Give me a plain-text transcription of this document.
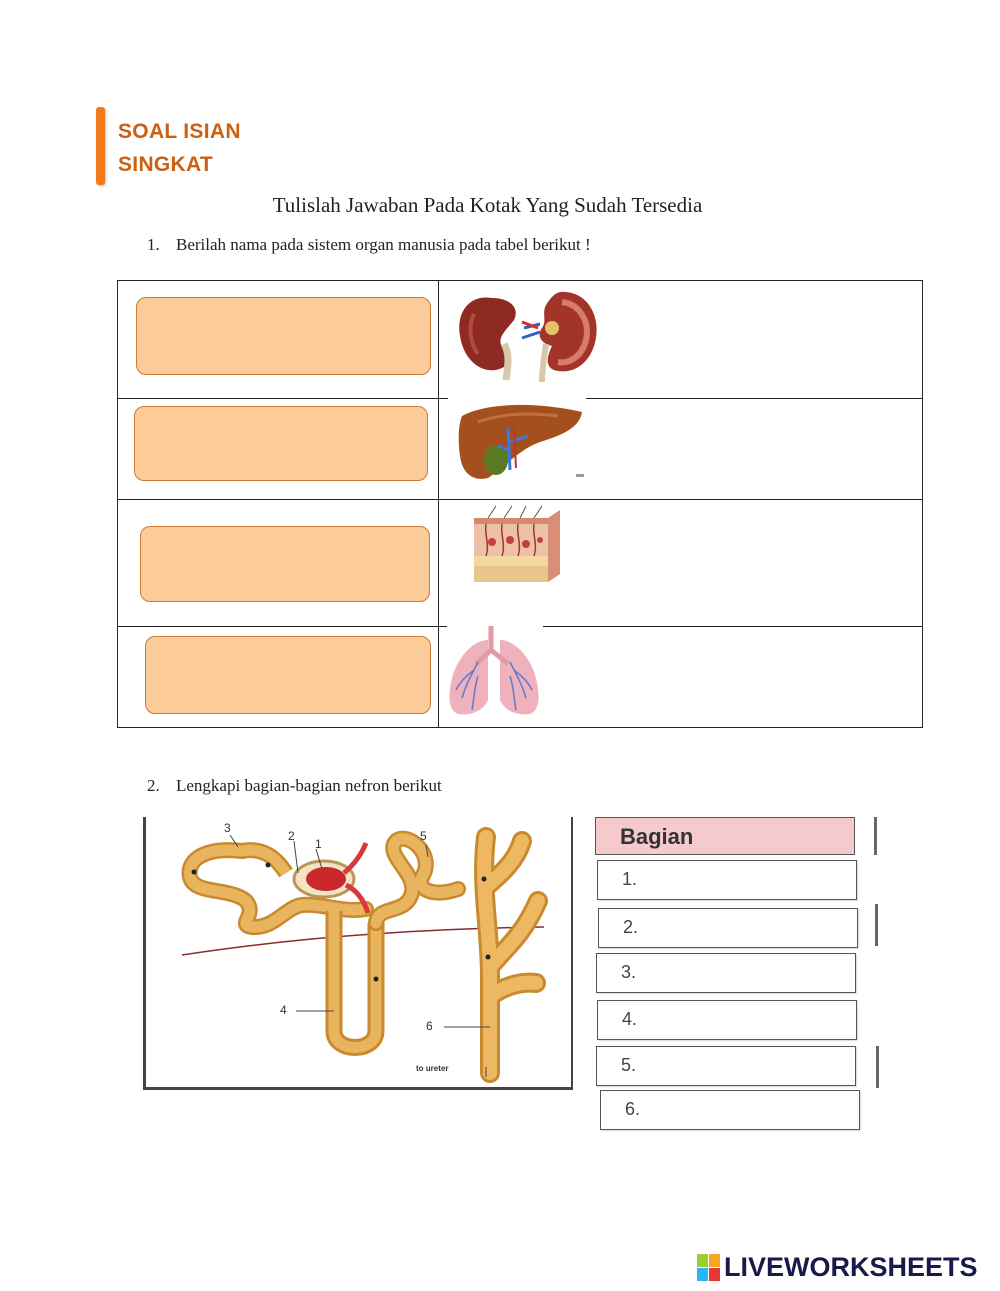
SOAL ISIAN
SINGKAT
Tulislah Jawaban Pada Kotak Yang Sudah Tersedia
1. Berilah nama pada sistem organ manusia pada tabel berikut !
2. Lengkapi bagian-bagian nefron berikut
3
2
1
5
4
6
to ureter
Bagian
1.
2.
3.
4.
5.
6.
LIVEWORKSHEETS
